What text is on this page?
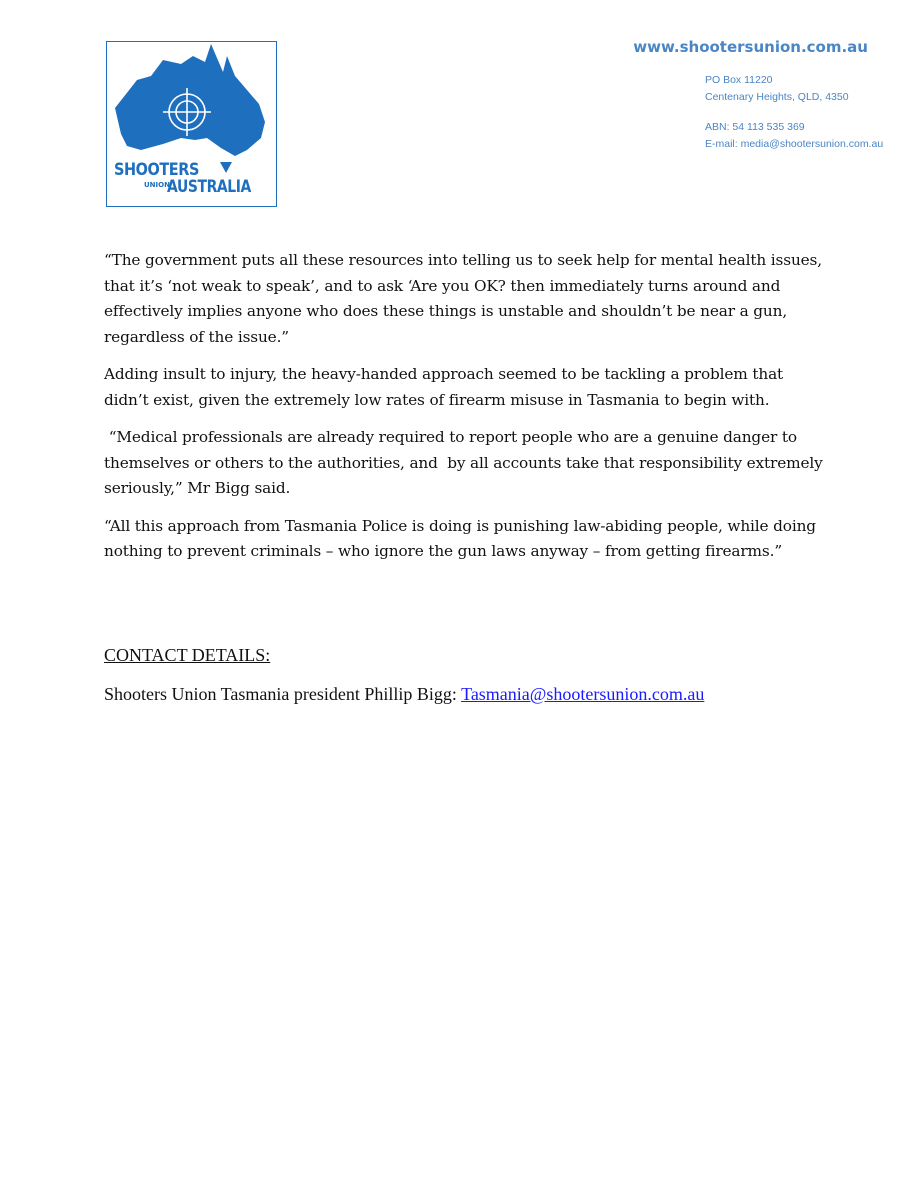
SHOOTERS
UNION
AUSTRALIA
www.shootersunion.com.au
PO Box 11220
Centenary Heights, QLD, 4350
ABN: 54 113 535 369
E-mail: media@shootersunion.com.au

“The government puts all these resources into telling us to seek help for mental health issues, that it’s ‘not weak to speak’, and to ask ‘Are you OK? then immediately turns around and effectively implies anyone who does these things is unstable and shouldn’t be near a gun, regardless of the issue.”

Adding insult to injury, the heavy-handed approach seemed to be tackling a problem that didn’t exist, given the extremely low rates of firearm misuse in Tasmania to begin with.

“Medical professionals are already required to report people who are a genuine danger to themselves or others to the authorities, and  by all accounts take that responsibility extremely seriously,” Mr Bigg said.

“All this approach from Tasmania Police is doing is punishing law-abiding people, while doing nothing to prevent criminals – who ignore the gun laws anyway – from getting firearms.”

CONTACT DETAILS:
Shooters Union Tasmania president Phillip Bigg: Tasmania@shootersunion.com.au
